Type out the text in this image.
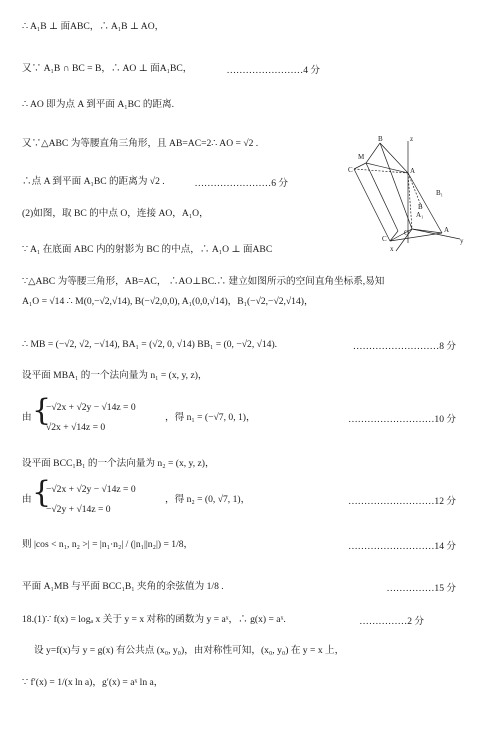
∴ A₁B ⊥ 面ABC，∴ A₁B ⊥ AO，
又∵ A₁B ∩ BC = B，∴ AO ⊥ 面A₁BC，	……………………4 分
∴ AO 即为点 A 到平面 A₁BC 的距离.
又∵△ABC 为等腰直角三角形，且 AB=AC=2∴ AO = √2 .
∴点 A 到平面 A₁BC 的距离为 √2 .	……………………6 分
(2)如图，取 BC 的中点 O，连接 AO，A₁O，
∵ A₁ 在底面 ABC 内的射影为 BC 的中点，∴ A₁O ⊥ 面ABC
∵△ABC 为等腰三角形，AB=AC， ∴AO⊥BC.∴ 建立如图所示的空间直角坐标系,易知
A₁O = √14 ∴ M(0,−√2,√14), B(−√2,0,0), A₁(0,0,√14)，B₁(−√2,−√2,√14)，
∴ MB = (−√2, √2, −√14), BA₁ = (√2, 0, √14) BB₁ = (0, −√2, √14).	………………………8 分
设平面 MBA₁ 的一个法向量为 n₁ = (x, y, z)，
由 {
−√2x + √2y − √14z = 0
√2x + √14z = 0
，得 n₁ = (−√7, 0, 1)，	………………………10 分
设平面 BCC₁B₁ 的一个法向量为 n₂ = (x, y, z)，
由 {
−√2x + √2y − √14z = 0
−√2y + √14z = 0
，得 n₂ = (0, √7, 1)，	………………………12 分
则 |cos < n₁, n₂ >| = |n₁·n₂| / (|n₁||n₂|) = 1/8，	………………………14 分
平面 A₁MB 与平面 BCC₁B₁ 夹角的余弦值为 1/8 .	……………15 分
18.(1)∵ f(x) = logₐ x 关于 y = x 对称的函数为 y = aˣ，∴ g(x) = aˣ.	……………2 分
设 y=f(x)与 y = g(x) 有公共点 (x₀, y₀)，由对称性可知，(x₀, y₀) 在 y = x 上，
∵ f′(x) = 1/(x ln a)，g′(x) = aˣ ln a，
B
M
C	A
B₁
O
A₁
B
C
A
x
y
z
